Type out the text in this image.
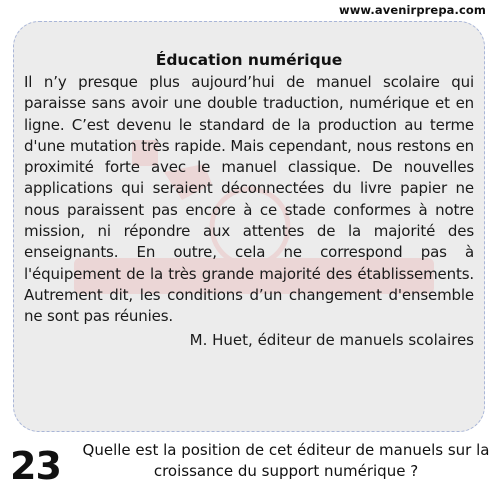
www.avenirprepa.com
Éducation numérique

Il n’y presque plus aujourd’hui de manuel scolaire qui paraisse sans avoir une double traduction, numérique et en ligne. C’est devenu le standard de la production au terme d'une mutation très rapide. Mais cependant, nous restons en proximité forte avec le manuel classique. De nouvelles applications qui seraient déconnectées du livre papier ne nous paraissent pas encore à ce stade conformes à notre mission, ni répondre aux attentes de la majorité des enseignants. En outre, cela ne correspond pas à l'équipement de la très grande majorité des établissements. Autrement dit, les conditions d’un changement d'ensemble ne sont pas réunies.

M. Huet, éditeur de manuels scolaires

23 Quelle est la position de cet éditeur de manuels sur la croissance du support numérique ?
